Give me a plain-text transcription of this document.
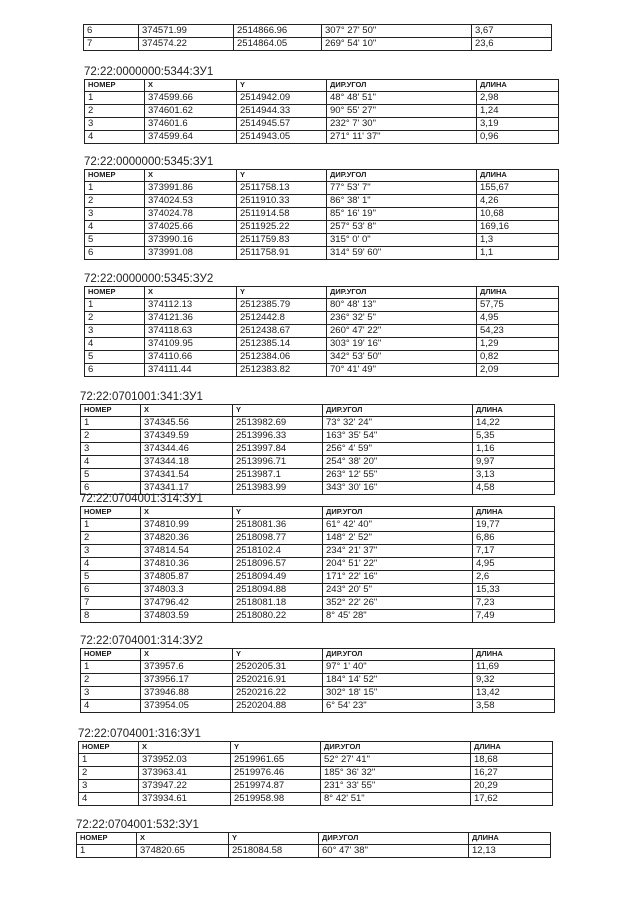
6	374571.99	2514866.96	307° 27' 50"	3,67
7	374574.22	2514864.05	269° 54' 10"	23,6
72:22:0000000:5344:ЗУ1
НОМЕР	X	Y	ДИР.УГОЛ	ДЛИНА
1	374599.66	2514942.09	48° 48' 51"	2,98
2	374601.62	2514944.33	90° 55' 27"	1,24
3	374601.6	2514945.57	232° 7' 30"	3,19
4	374599.64	2514943.05	271° 11' 37"	0,96
72:22:0000000:5345:ЗУ1
НОМЕР	X	Y	ДИР.УГОЛ	ДЛИНА
1	373991.86	2511758.13	77° 53' 7"	155,67
2	374024.53	2511910.33	86° 38' 1"	4,26
3	374024.78	2511914.58	85° 16' 19"	10,68
4	374025.66	2511925.22	257° 53' 8"	169,16
5	373990.16	2511759.83	315° 0' 0"	1,3
6	373991.08	2511758.91	314° 59' 60"	1,1
72:22:0000000:5345:ЗУ2
НОМЕР	X	Y	ДИР.УГОЛ	ДЛИНА
1	374112.13	2512385.79	80° 48' 13"	57,75
2	374121.36	2512442.8	236° 32' 5"	4,95
3	374118.63	2512438.67	260° 47' 22"	54,23
4	374109.95	2512385.14	303° 19' 16"	1,29
5	374110.66	2512384.06	342° 53' 50"	0,82
6	374111.44	2512383.82	70° 41' 49"	2,09
72:22:0701001:341:ЗУ1
НОМЕР	X	Y	ДИР.УГОЛ	ДЛИНА
1	374345.56	2513982.69	73° 32' 24"	14,22
2	374349.59	2513996.33	163° 35' 54"	5,35
3	374344.46	2513997.84	256° 4' 59"	1,16
4	374344.18	2513996.71	254° 38' 20"	9,97
5	374341.54	2513987.1	263° 12' 55"	3,13
6	374341.17	2513983.99	343° 30' 16"	4,58
72:22:0704001:314:ЗУ1
НОМЕР	X	Y	ДИР.УГОЛ	ДЛИНА
1	374810.99	2518081.36	61° 42' 40"	19,77
2	374820.36	2518098.77	148° 2' 52"	6,86
3	374814.54	2518102.4	234° 21' 37"	7,17
4	374810.36	2518096.57	204° 51' 22"	4,95
5	374805.87	2518094.49	171° 22' 16"	2,6
6	374803.3	2518094.88	243° 20' 5"	15,33
7	374796.42	2518081.18	352° 22' 26"	7,23
8	374803.59	2518080.22	8° 45' 28"	7,49
72:22:0704001:314:ЗУ2
НОМЕР	X	Y	ДИР.УГОЛ	ДЛИНА
1	373957.6	2520205.31	97° 1' 40"	11,69
2	373956.17	2520216.91	184° 14' 52"	9,32
3	373946.88	2520216.22	302° 18' 15"	13,42
4	373954.05	2520204.88	6° 54' 23"	3,58
72:22:0704001:316:ЗУ1
НОМЕР	X	Y	ДИР.УГОЛ	ДЛИНА
1	373952.03	2519961.65	52° 27' 41"	18,68
2	373963.41	2519976.46	185° 36' 32"	16,27
3	373947.22	2519974.87	231° 33' 55"	20,29
4	373934.61	2519958.98	8° 42' 51"	17,62
72:22:0704001:532:ЗУ1
НОМЕР	X	Y	ДИР.УГОЛ	ДЛИНА
1	374820.65	2518084.58	60° 47' 38"	12,13
